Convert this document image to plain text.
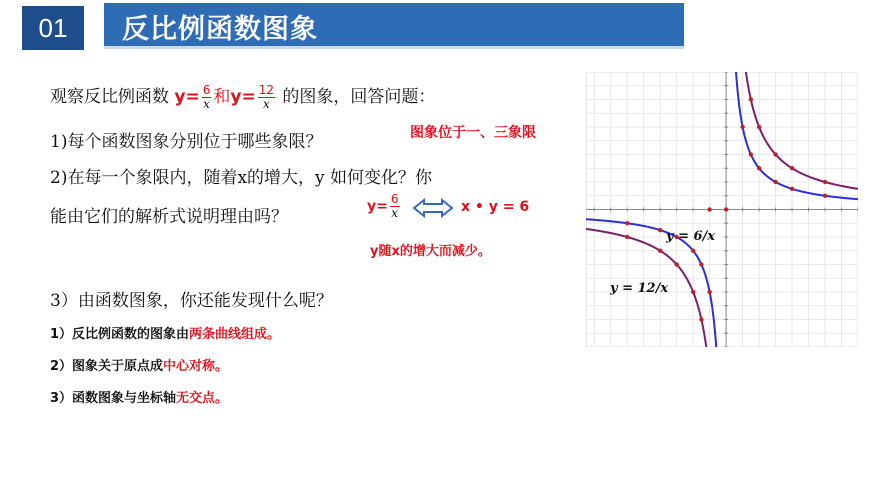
01	反比例函数图象
观察反比例函数 $y= \frac{6}{x}$ 和$y= \frac{12}{x}$ 的图象，回答问题：
1)每个函数图象分别位于哪些象限？	图象位于一、三象限
2)在每一个象限内，随着x的增大，y 如何变化？你
能由它们的解析式说明理由吗？
$y= \frac{6}{x}$	x • y = 6
y随x的增大而减少。
3）由函数图象，你还能发现什么呢？
1）反比例函数的图象由两条曲线组成。
2）图象关于原点成中心对称。
3）函数图象与坐标轴无交点。
y = 6/x
y = 12/x
